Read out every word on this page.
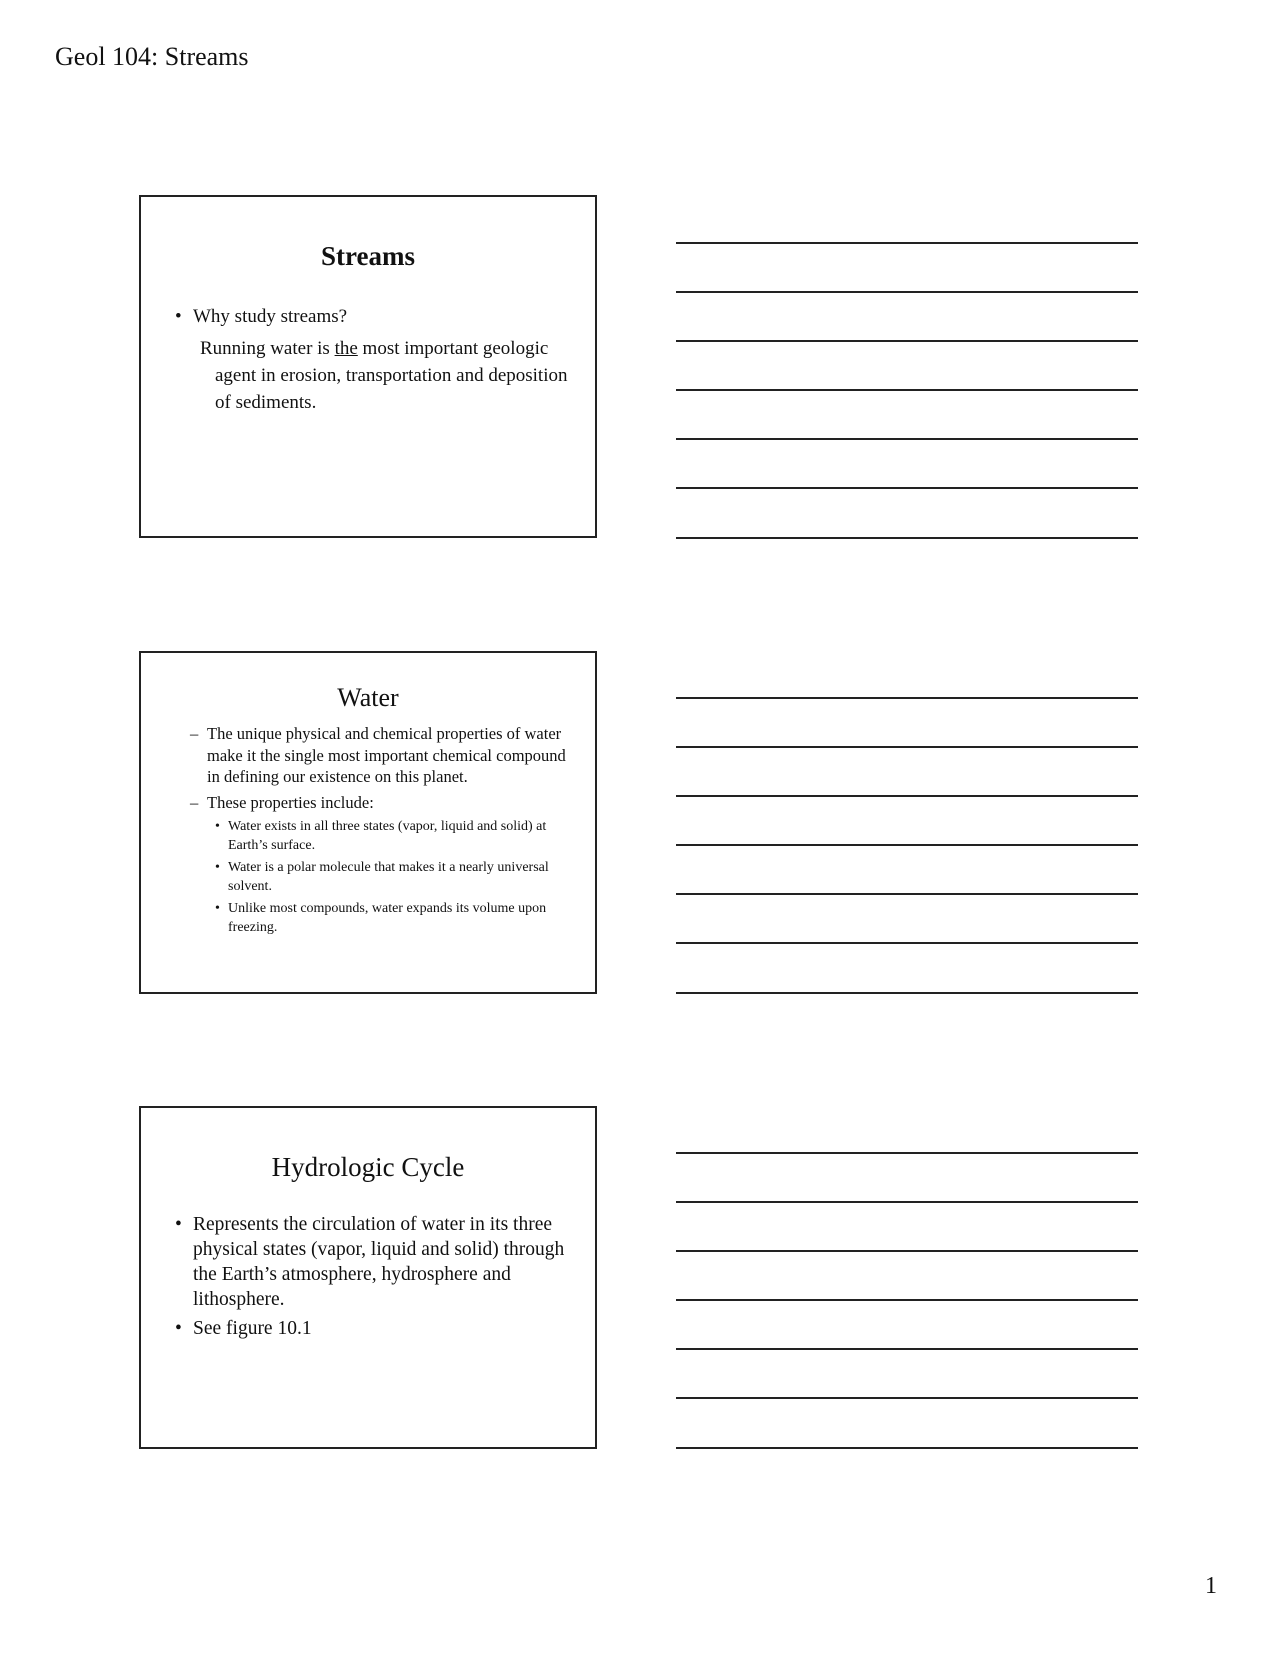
Geol 104: Streams
Streams
• Why study streams?
Running water is the most important geologic agent in erosion, transportation and deposition of sediments.
Water
– The unique physical and chemical properties of water make it the single most important chemical compound in defining our existence on this planet.
– These properties include:
• Water exists in all three states (vapor, liquid and solid) at Earth’s surface.
• Water is a polar molecule that makes it a nearly universal solvent.
• Unlike most compounds, water expands its volume upon freezing.
Hydrologic Cycle
• Represents the circulation of water in its three physical states (vapor, liquid and solid) through the Earth’s atmosphere, hydrosphere and lithosphere.
• See figure 10.1
1
